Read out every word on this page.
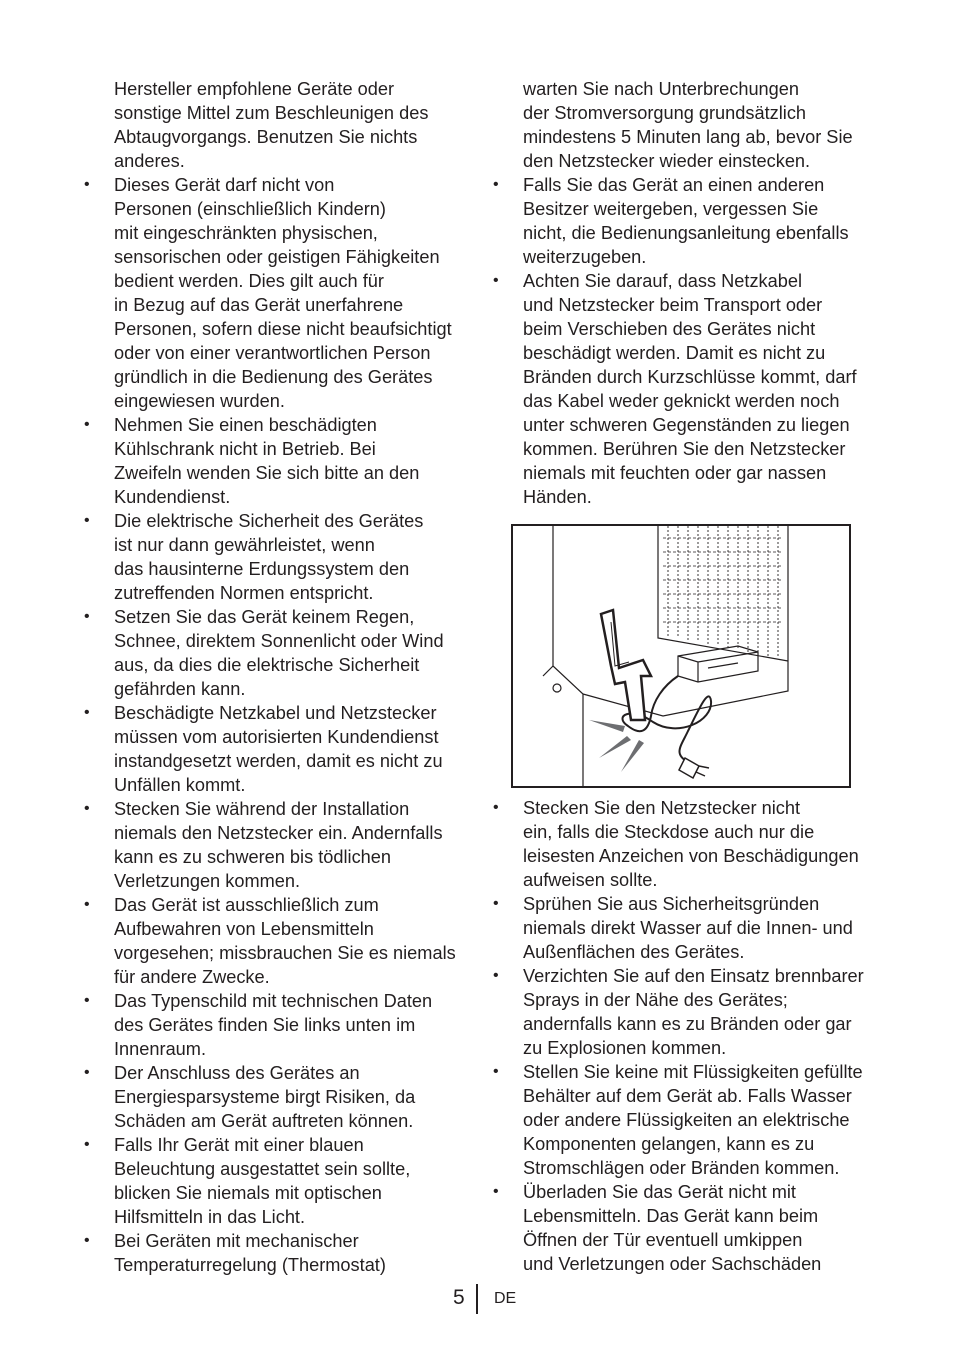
Hersteller empfohlene Geräte oder
sonstige Mittel zum Beschleunigen des
Abtaugvorgangs. Benutzen Sie nichts
anderes.
•	Dieses Gerät darf nicht von
Personen (einschließlich Kindern)
mit eingeschränkten physischen,
sensorischen oder geistigen Fähigkeiten
bedient werden. Dies gilt auch für
in Bezug auf das Gerät unerfahrene
Personen, sofern diese nicht beaufsichtigt
oder von einer verantwortlichen Person
gründlich in die Bedienung des Gerätes
eingewiesen wurden.
•	Nehmen Sie einen beschädigten
Kühlschrank nicht in Betrieb. Bei
Zweifeln wenden Sie sich bitte an den
Kundendienst.
•	Die elektrische Sicherheit des Gerätes
ist nur dann gewährleistet, wenn
das hausinterne Erdungssystem den
zutreffenden Normen entspricht.
•	Setzen Sie das Gerät keinem Regen,
Schnee, direktem Sonnenlicht oder Wind
aus, da dies die elektrische Sicherheit
gefährden kann.
•	Beschädigte Netzkabel und Netzstecker
müssen vom autorisierten Kundendienst
instandgesetzt werden, damit es nicht zu
Unfällen kommt.
•	Stecken Sie während der Installation
niemals den Netzstecker ein. Andernfalls
kann es zu schweren bis tödlichen
Verletzungen kommen.
•	Das Gerät ist ausschließlich zum
Aufbewahren von Lebensmitteln
vorgesehen; missbrauchen Sie es niemals
für andere Zwecke.
•	Das Typenschild mit technischen Daten
des Gerätes finden Sie links unten im
Innenraum.
•	Der Anschluss des Gerätes an
Energiesparsysteme birgt Risiken, da
Schäden am Gerät auftreten können.
•	Falls Ihr Gerät mit einer blauen
Beleuchtung ausgestattet sein sollte,
blicken Sie niemals mit optischen
Hilfsmitteln in das Licht.
•	Bei Geräten mit mechanischer
Temperaturregelung (Thermostat)
warten Sie nach Unterbrechungen
der Stromversorgung grundsätzlich
mindestens 5 Minuten lang ab, bevor Sie
den Netzstecker wieder einstecken.
•	Falls Sie das Gerät an einen anderen
Besitzer weitergeben, vergessen Sie
nicht, die Bedienungsanleitung ebenfalls
weiterzugeben.
•	Achten Sie darauf, dass Netzkabel
und Netzstecker beim Transport oder
beim Verschieben des Gerätes nicht
beschädigt werden. Damit es nicht zu
Bränden durch Kurzschlüsse kommt, darf
das Kabel weder geknickt werden noch
unter schweren Gegenständen zu liegen
kommen. Berühren Sie den Netzstecker
niemals mit feuchten oder gar nassen
Händen.
•	Stecken Sie den Netzstecker nicht
ein, falls die Steckdose auch nur die
leisesten Anzeichen von Beschädigungen
aufweisen sollte.
•	Sprühen Sie aus Sicherheitsgründen
niemals direkt Wasser auf die Innen- und
Außenflächen des Gerätes.
•	Verzichten Sie auf den Einsatz brennbarer
Sprays in der Nähe des Gerätes;
andernfalls kann es zu Bränden oder gar
zu Explosionen kommen.
•	Stellen Sie keine mit Flüssigkeiten gefüllte
Behälter auf dem Gerät ab. Falls Wasser
oder andere Flüssigkeiten an elektrische
Komponenten gelangen, kann es zu
Stromschlägen oder Bränden kommen.
•	Überladen Sie das Gerät nicht mit
Lebensmitteln. Das Gerät kann beim
Öffnen der Tür eventuell umkippen
und Verletzungen oder Sachschäden
5 DE
